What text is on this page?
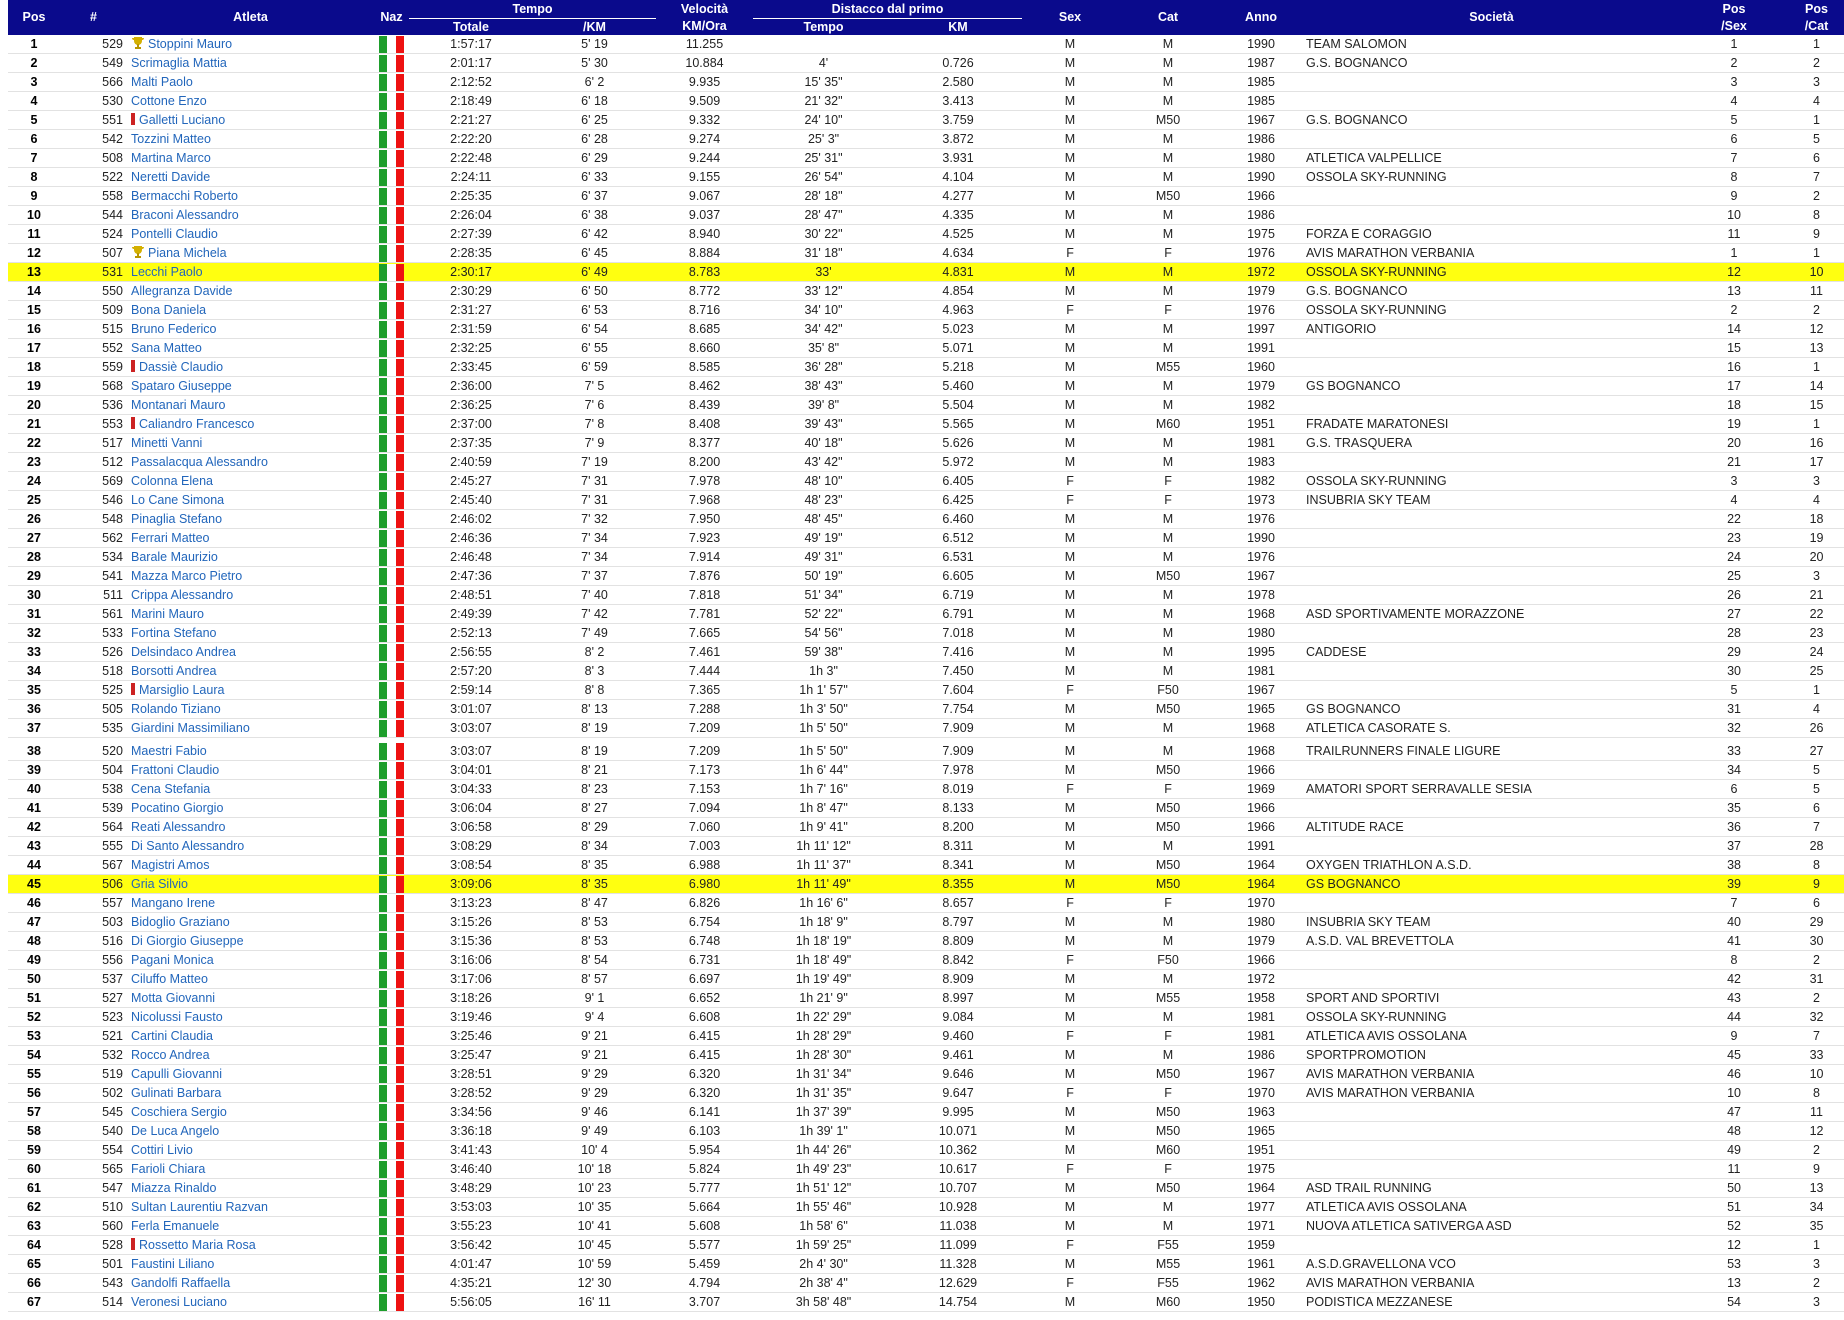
Pos	#	Atleta	Naz	Tempo		Velocità	Distacco dal primo		Sex	Cat	Anno	Società	Pos	Pos
				Totale	/KM	KM/Ora	Tempo	KM					/Sex	/Cat
1	529	Stoppini Mauro		1:57:17	5' 19	11.255			M	M	1990	TEAM SALOMON	1	1
2	549	Scrimaglia Mattia		2:01:17	5' 30	10.884	4'	0.726	M	M	1987	G.S. BOGNANCO	2	2
3	566	Malti Paolo		2:12:52	6' 2	9.935	15' 35"	2.580	M	M	1985		3	3
4	530	Cottone Enzo		2:18:49	6' 18	9.509	21' 32"	3.413	M	M	1985		4	4
5	551	Galletti Luciano		2:21:27	6' 25	9.332	24' 10"	3.759	M	M50	1967	G.S. BOGNANCO	5	1
6	542	Tozzini Matteo		2:22:20	6' 28	9.274	25' 3"	3.872	M	M	1986		6	5
7	508	Martina Marco		2:22:48	6' 29	9.244	25' 31"	3.931	M	M	1980	ATLETICA VALPELLICE	7	6
8	522	Neretti Davide		2:24:11	6' 33	9.155	26' 54"	4.104	M	M	1990	OSSOLA SKY-RUNNING	8	7
9	558	Bermacchi Roberto		2:25:35	6' 37	9.067	28' 18"	4.277	M	M50	1966		9	2
10	544	Braconi Alessandro		2:26:04	6' 38	9.037	28' 47"	4.335	M	M	1986		10	8
11	524	Pontelli Claudio		2:27:39	6' 42	8.940	30' 22"	4.525	M	M	1975	FORZA E CORAGGIO	11	9
12	507	Piana Michela		2:28:35	6' 45	8.884	31' 18"	4.634	F	F	1976	AVIS MARATHON VERBANIA	1	1
13	531	Lecchi Paolo		2:30:17	6' 49	8.783	33'	4.831	M	M	1972	OSSOLA SKY-RUNNING	12	10
14	550	Allegranza Davide		2:30:29	6' 50	8.772	33' 12"	4.854	M	M	1979	G.S. BOGNANCO	13	11
15	509	Bona Daniela		2:31:27	6' 53	8.716	34' 10"	4.963	F	F	1976	OSSOLA SKY-RUNNING	2	2
16	515	Bruno Federico		2:31:59	6' 54	8.685	34' 42"	5.023	M	M	1997	ANTIGORIO	14	12
17	552	Sana Matteo		2:32:25	6' 55	8.660	35' 8"	5.071	M	M	1991		15	13
18	559	Dassiè Claudio		2:33:45	6' 59	8.585	36' 28"	5.218	M	M55	1960		16	1
19	568	Spataro Giuseppe		2:36:00	7' 5	8.462	38' 43"	5.460	M	M	1979	GS BOGNANCO	17	14
20	536	Montanari Mauro		2:36:25	7' 6	8.439	39' 8"	5.504	M	M	1982		18	15
21	553	Caliandro Francesco		2:37:00	7' 8	8.408	39' 43"	5.565	M	M60	1951	FRADATE MARATONESI	19	1
22	517	Minetti Vanni		2:37:35	7' 9	8.377	40' 18"	5.626	M	M	1981	G.S. TRASQUERA	20	16
23	512	Passalacqua Alessandro		2:40:59	7' 19	8.200	43' 42"	5.972	M	M	1983		21	17
24	569	Colonna Elena		2:45:27	7' 31	7.978	48' 10"	6.405	F	F	1982	OSSOLA SKY-RUNNING	3	3
25	546	Lo Cane Simona		2:45:40	7' 31	7.968	48' 23"	6.425	F	F	1973	INSUBRIA SKY TEAM	4	4
26	548	Pinaglia Stefano		2:46:02	7' 32	7.950	48' 45"	6.460	M	M	1976		22	18
27	562	Ferrari Matteo		2:46:36	7' 34	7.923	49' 19"	6.512	M	M	1990		23	19
28	534	Barale Maurizio		2:46:48	7' 34	7.914	49' 31"	6.531	M	M	1976		24	20
29	541	Mazza Marco Pietro		2:47:36	7' 37	7.876	50' 19"	6.605	M	M50	1967		25	3
30	511	Crippa Alessandro		2:48:51	7' 40	7.818	51' 34"	6.719	M	M	1978		26	21
31	561	Marini Mauro		2:49:39	7' 42	7.781	52' 22"	6.791	M	M	1968	ASD SPORTIVAMENTE MORAZZONE	27	22
32	533	Fortina Stefano		2:52:13	7' 49	7.665	54' 56"	7.018	M	M	1980		28	23
33	526	Delsindaco Andrea		2:56:55	8' 2	7.461	59' 38"	7.416	M	M	1995	CADDESE	29	24
34	518	Borsotti Andrea		2:57:20	8' 3	7.444	1h 3"	7.450	M	M	1981		30	25
35	525	Marsiglio Laura		2:59:14	8' 8	7.365	1h 1' 57"	7.604	F	F50	1967		5	1
36	505	Rolando Tiziano		3:01:07	8' 13	7.288	1h 3' 50"	7.754	M	M50	1965	GS BOGNANCO	31	4
37	535	Giardini Massimiliano		3:03:07	8' 19	7.209	1h 5' 50"	7.909	M	M	1968	ATLETICA CASORATE S.	32	26

38	520	Maestri Fabio		3:03:07	8' 19	7.209	1h 5' 50"	7.909	M	M	1968	TRAILRUNNERS FINALE LIGURE	33	27
39	504	Frattoni Claudio		3:04:01	8' 21	7.173	1h 6' 44"	7.978	M	M50	1966		34	5
40	538	Cena Stefania		3:04:33	8' 23	7.153	1h 7' 16"	8.019	F	F	1969	AMATORI SPORT SERRAVALLE SESIA	6	5
41	539	Pocatino Giorgio		3:06:04	8' 27	7.094	1h 8' 47"	8.133	M	M50	1966		35	6
42	564	Reati Alessandro		3:06:58	8' 29	7.060	1h 9' 41"	8.200	M	M50	1966	ALTITUDE RACE	36	7
43	555	Di Santo Alessandro		3:08:29	8' 34	7.003	1h 11' 12"	8.311	M	M	1991		37	28
44	567	Magistri Amos		3:08:54	8' 35	6.988	1h 11' 37"	8.341	M	M50	1964	OXYGEN TRIATHLON A.S.D.	38	8
45	506	Gria Silvio		3:09:06	8' 35	6.980	1h 11' 49"	8.355	M	M50	1964	GS BOGNANCO	39	9
46	557	Mangano Irene		3:13:23	8' 47	6.826	1h 16' 6"	8.657	F	F	1970		7	6
47	503	Bidoglio Graziano		3:15:26	8' 53	6.754	1h 18' 9"	8.797	M	M	1980	INSUBRIA SKY TEAM	40	29
48	516	Di Giorgio Giuseppe		3:15:36	8' 53	6.748	1h 18' 19"	8.809	M	M	1979	A.S.D. VAL BREVETTOLA	41	30
49	556	Pagani Monica		3:16:06	8' 54	6.731	1h 18' 49"	8.842	F	F50	1966		8	2
50	537	Ciluffo Matteo		3:17:06	8' 57	6.697	1h 19' 49"	8.909	M	M	1972		42	31
51	527	Motta Giovanni		3:18:26	9' 1	6.652	1h 21' 9"	8.997	M	M55	1958	SPORT AND SPORTIVI	43	2
52	523	Nicolussi Fausto		3:19:46	9' 4	6.608	1h 22' 29"	9.084	M	M	1981	OSSOLA SKY-RUNNING	44	32
53	521	Cartini Claudia		3:25:46	9' 21	6.415	1h 28' 29"	9.460	F	F	1981	ATLETICA AVIS OSSOLANA	9	7
54	532	Rocco Andrea		3:25:47	9' 21	6.415	1h 28' 30"	9.461	M	M	1986	SPORTPROMOTION	45	33
55	519	Capulli Giovanni		3:28:51	9' 29	6.320	1h 31' 34"	9.646	M	M50	1967	AVIS MARATHON VERBANIA	46	10
56	502	Gulinati Barbara		3:28:52	9' 29	6.320	1h 31' 35"	9.647	F	F	1970	AVIS MARATHON VERBANIA	10	8
57	545	Coschiera Sergio		3:34:56	9' 46	6.141	1h 37' 39"	9.995	M	M50	1963		47	11
58	540	De Luca Angelo		3:36:18	9' 49	6.103	1h 39' 1"	10.071	M	M50	1965		48	12
59	554	Cottiri Livio		3:41:43	10' 4	5.954	1h 44' 26"	10.362	M	M60	1951		49	2
60	565	Farioli Chiara		3:46:40	10' 18	5.824	1h 49' 23"	10.617	F	F	1975		11	9
61	547	Miazza Rinaldo		3:48:29	10' 23	5.777	1h 51' 12"	10.707	M	M50	1964	ASD TRAIL RUNNING	50	13
62	510	Sultan Laurentiu Razvan		3:53:03	10' 35	5.664	1h 55' 46"	10.928	M	M	1977	ATLETICA AVIS OSSOLANA	51	34
63	560	Ferla Emanuele		3:55:23	10' 41	5.608	1h 58' 6"	11.038	M	M	1971	NUOVA ATLETICA SATIVERGA ASD	52	35
64	528	Rossetto Maria Rosa		3:56:42	10' 45	5.577	1h 59' 25"	11.099	F	F55	1959		12	1
65	501	Faustini Liliano		4:01:47	10' 59	5.459	2h 4' 30"	11.328	M	M55	1961	A.S.D.GRAVELLONA VCO	53	3
66	543	Gandolfi Raffaella		4:35:21	12' 30	4.794	2h 38' 4"	12.629	F	F55	1962	AVIS MARATHON VERBANIA	13	2
67	514	Veronesi Luciano		5:56:05	16' 11	3.707	3h 58' 48"	14.754	M	M60	1950	PODISTICA MEZZANESE	54	3
